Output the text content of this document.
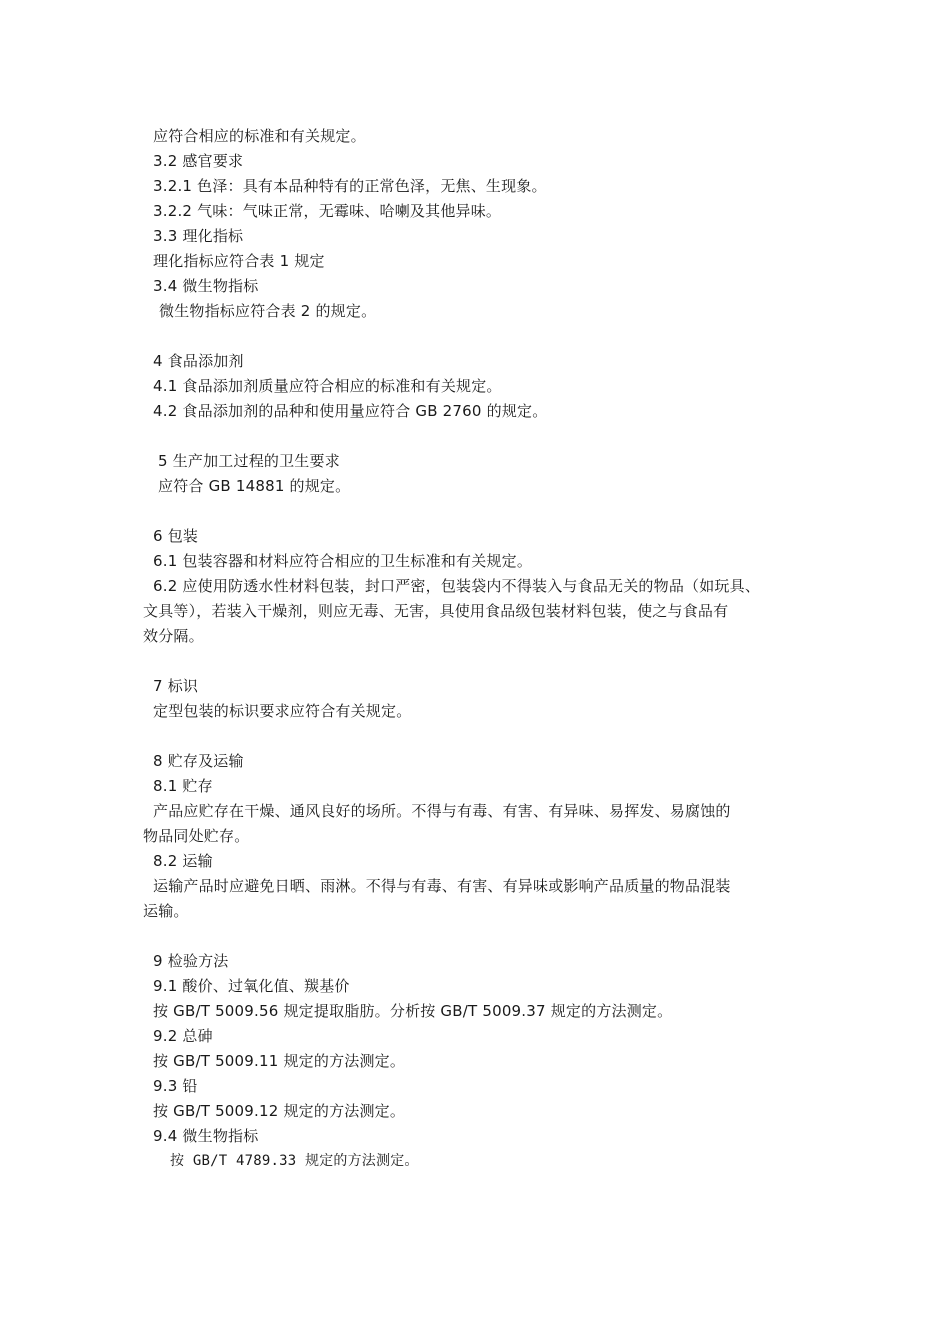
应符合相应的标准和有关规定。
3.2 感官要求
3.2.1 色泽：具有本品种特有的正常色泽，无焦、生现象。
3.2.2 气味：气味正常，无霉味、哈喇及其他异味。
3.3 理化指标
理化指标应符合表 1 规定
3.4 微生物指标
微生物指标应符合表 2 的规定。
4 食品添加剂
4.1 食品添加剂质量应符合相应的标准和有关规定。
4.2 食品添加剂的品种和使用量应符合 GB 2760 的规定。
5 生产加工过程的卫生要求
应符合 GB 14881 的规定。
6 包装
6.1 包装容器和材料应符合相应的卫生标准和有关规定。
6.2 应使用防透水性材料包装，封口严密，包装袋内不得装入与食品无关的物品（如玩具、
文具等），若装入干燥剂，则应无毒、无害，具使用食品级包装材料包装，使之与食品有
效分隔。
7 标识
定型包装的标识要求应符合有关规定。
8 贮存及运输
8.1 贮存
产品应贮存在干燥、通风良好的场所。不得与有毒、有害、有异味、易挥发、易腐蚀的
物品同处贮存。
8.2 运输
运输产品时应避免日晒、雨淋。不得与有毒、有害、有异味或影响产品质量的物品混装
运输。
9 检验方法
9.1 酸价、过氧化值、羰基价
按 GB/T 5009.56 规定提取脂肪。分析按 GB/T 5009.37 规定的方法测定。
9.2 总砷
按 GB/T 5009.11 规定的方法测定。
9.3 铅
按 GB/T 5009.12 规定的方法测定。
9.4 微生物指标
按 GB/T 4789.33 规定的方法测定。
